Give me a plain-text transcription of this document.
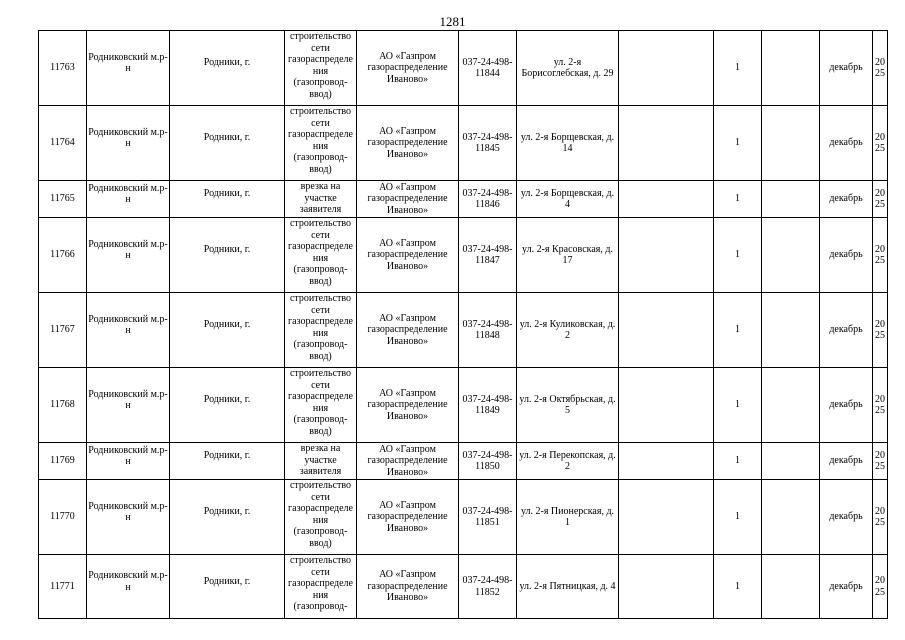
1281
11763	Родниковский м.р-н	Родники, г.	строительство сети газораспределения (газопровод-ввод)	АО «Газпром газораспределение Иваново»	037-24-498-11844	ул. 2-я Борисоглебская, д. 29		1		декабрь	2025
11764	Родниковский м.р-н	Родники, г.	строительство сети газораспределения (газопровод-ввод)	АО «Газпром газораспределение Иваново»	037-24-498-11845	ул. 2-я Борщевская, д. 14		1		декабрь	2025
11765	Родниковский м.р-н	Родники, г.	врезка на участке заявителя	АО «Газпром газораспределение Иваново»	037-24-498-11846	ул. 2-я Борщевская, д. 4		1		декабрь	2025
11766	Родниковский м.р-н	Родники, г.	строительство сети газораспределения (газопровод-ввод)	АО «Газпром газораспределение Иваново»	037-24-498-11847	ул. 2-я Красовская, д. 17		1		декабрь	2025
11767	Родниковский м.р-н	Родники, г.	строительство сети газораспределения (газопровод-ввод)	АО «Газпром газораспределение Иваново»	037-24-498-11848	ул. 2-я Куликовская, д. 2		1		декабрь	2025
11768	Родниковский м.р-н	Родники, г.	строительство сети газораспределения (газопровод-ввод)	АО «Газпром газораспределение Иваново»	037-24-498-11849	ул. 2-я Октябрьская, д. 5		1		декабрь	2025
11769	Родниковский м.р-н	Родники, г.	врезка на участке заявителя	АО «Газпром газораспределение Иваново»	037-24-498-11850	ул. 2-я Перекопская, д. 2		1		декабрь	2025
11770	Родниковский м.р-н	Родники, г.	строительство сети газораспределения (газопровод-ввод)	АО «Газпром газораспределение Иваново»	037-24-498-11851	ул. 2-я Пионерская, д. 1		1		декабрь	2025
11771	Родниковский м.р-н	Родники, г.	строительство сети газораспределения (газопровод-	АО «Газпром газораспределение Иваново»	037-24-498-11852	ул. 2-я Пятницкая, д. 4		1		декабрь	2025
